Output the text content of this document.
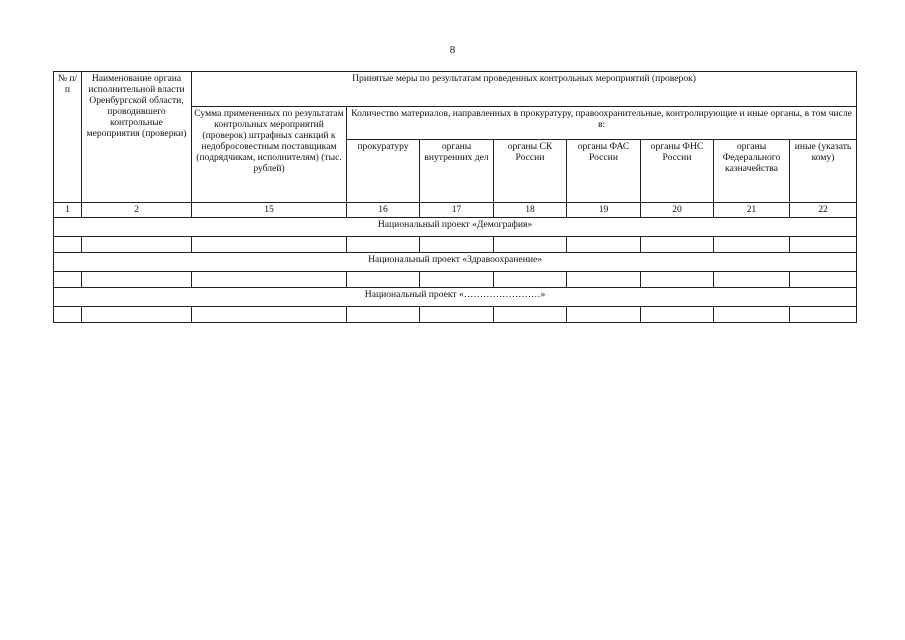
8
№ п/п	Наименование органа исполнительной власти Оренбургской области, проводившего контрольные мероприятия (проверки)	Принятые меры по результатам проведенных контрольных мероприятий (проверок)							
		Сумма примененных по результатам контрольных мероприятий (проверок) штрафных санкций к недобросовестным поставщикам (подрядчикам, исполнителям) (тыс. рублей)	Количество материалов, направленных в прокуратуру, правоохранительные, контролирующие и иные органы, в том числе в:						
			прокуратуру	органы внутренних дел	органы СК России	органы ФАС России	органы ФНС России	органы Федерального казначейства	иные (указать кому)
1	2	15	16	17	18	19	20	21	22
Национальный проект «Демография»									

Национальный проект «Здравоохранение»									

Национальный проект «……………………»									
